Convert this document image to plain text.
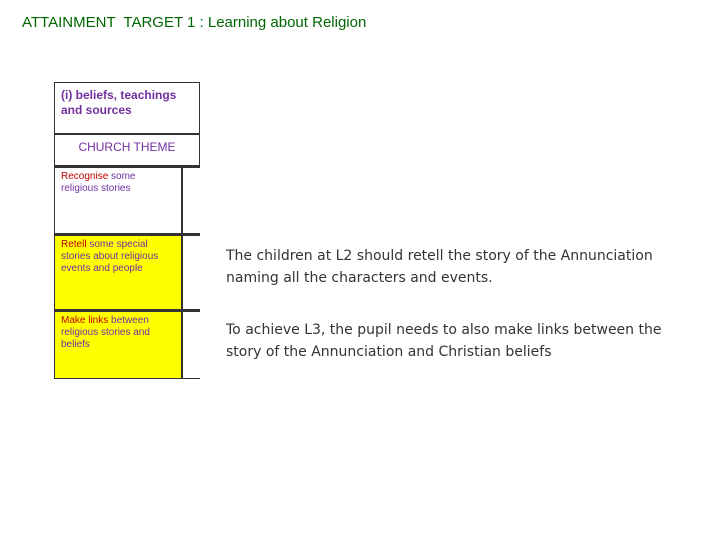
ATTAINMENT  TARGET 1 : Learning about Religion
(i) beliefs, teachings and sources
CHURCH THEME
Recognise some religious stories
Retell some special stories about religious events and people
Make links between religious stories and beliefs
The children at L2 should retell the story of the Annunciation naming all the characters and events.
To achieve L3, the pupil needs to also make links between the story of the Annunciation and Christian beliefs
